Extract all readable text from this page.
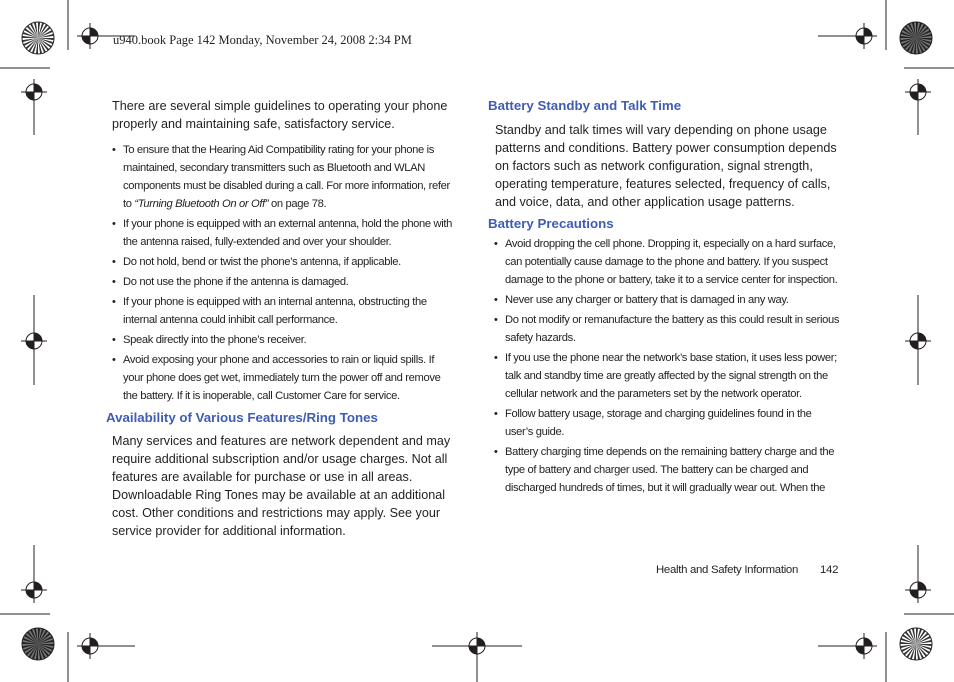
u940.book Page 142 Monday, November 24, 2008 2:34 PM

There are several simple guidelines to operating your phone properly and maintaining safe, satisfactory service.

• To ensure that the Hearing Aid Compatibility rating for your phone is maintained, secondary transmitters such as Bluetooth and WLAN components must be disabled during a call. For more information, refer to “Turning Bluetooth On or Off” on page 78.
• If your phone is equipped with an external antenna, hold the phone with the antenna raised, fully-extended and over your shoulder.
• Do not hold, bend or twist the phone’s antenna, if applicable.
• Do not use the phone if the antenna is damaged.
• If your phone is equipped with an internal antenna, obstructing the internal antenna could inhibit call performance.
• Speak directly into the phone’s receiver.
• Avoid exposing your phone and accessories to rain or liquid spills. If your phone does get wet, immediately turn the power off and remove the battery. If it is inoperable, call Customer Care for service.
Availability of Various Features/Ring Tones

Many services and features are network dependent and may require additional subscription and/or usage charges. Not all features are available for purchase or use in all areas. Downloadable Ring Tones may be available at an additional cost. Other conditions and restrictions may apply. See your service provider for additional information.

Battery Standby and Talk Time

Standby and talk times will vary depending on phone usage patterns and conditions. Battery power consumption depends on factors such as network configuration, signal strength, operating temperature, features selected, frequency of calls, and voice, data, and other application usage patterns.

Battery Precautions
• Avoid dropping the cell phone. Dropping it, especially on a hard surface, can potentially cause damage to the phone and battery. If you suspect damage to the phone or battery, take it to a service center for inspection.
• Never use any charger or battery that is damaged in any way.
• Do not modify or remanufacture the battery as this could result in serious safety hazards.
• If you use the phone near the network’s base station, it uses less power; talk and standby time are greatly affected by the signal strength on the cellular network and the parameters set by the network operator.
• Follow battery usage, storage and charging guidelines found in the user’s guide.
• Battery charging time depends on the remaining battery charge and the type of battery and charger used. The battery can be charged and discharged hundreds of times, but it will gradually wear out. When the
Health and Safety Information 142
